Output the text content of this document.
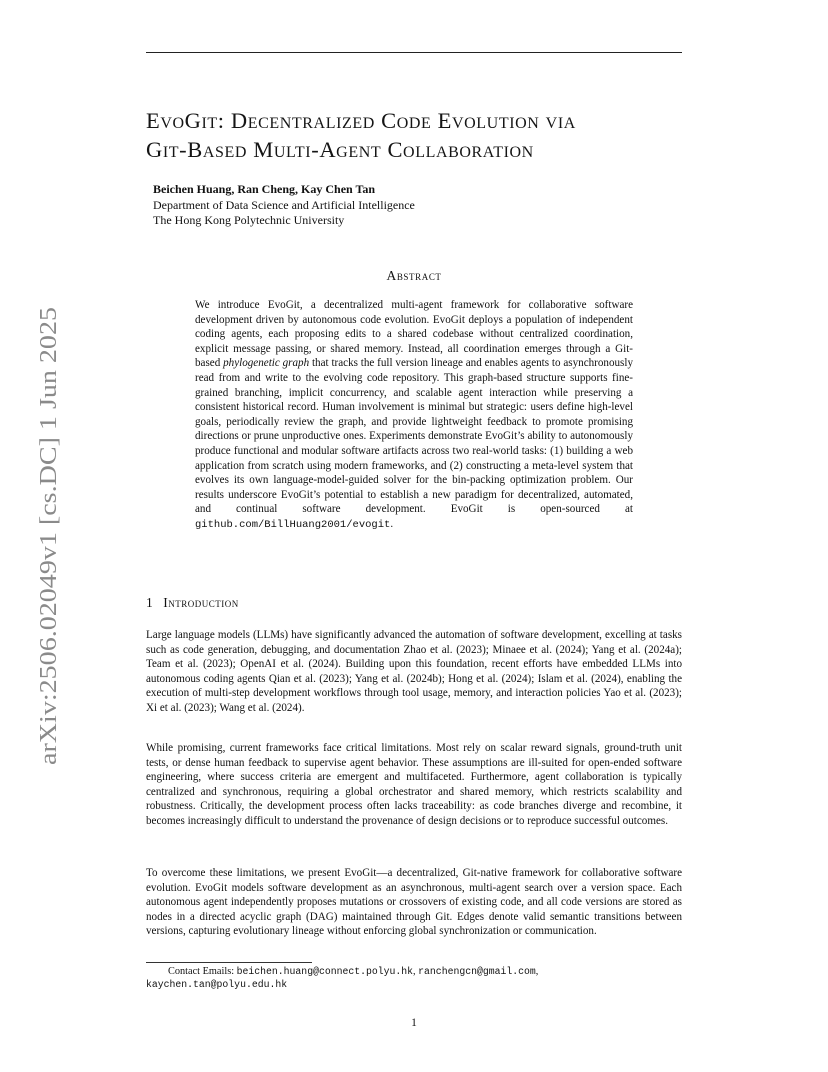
EvoGit: Decentralized Code Evolution via
Git-Based Multi-Agent Collaboration
Beichen Huang, Ran Cheng, Kay Chen Tan
Department of Data Science and Artificial Intelligence
The Hong Kong Polytechnic University
Abstract
We introduce EvoGit, a decentralized multi-agent framework for collaborative software development driven by autonomous code evolution. EvoGit deploys a population of independent coding agents, each proposing edits to a shared codebase without centralized coordination, explicit message passing, or shared memory. Instead, all coordination emerges through a Git-based phylogenetic graph that tracks the full version lineage and enables agents to asynchronously read from and write to the evolving code repository. This graph-based structure supports fine-grained branching, implicit concurrency, and scalable agent interaction while preserving a consistent historical record. Human involvement is minimal but strategic: users define high-level goals, periodically review the graph, and provide lightweight feedback to promote promising directions or prune unproductive ones. Experiments demonstrate EvoGit’s ability to autonomously produce functional and modular software artifacts across two real-world tasks: (1) building a web application from scratch using modern frameworks, and (2) constructing a meta-level system that evolves its own language-model-guided solver for the bin-packing optimization problem. Our results underscore EvoGit’s potential to establish a new paradigm for decentralized, automated, and continual software development. EvoGit is open-sourced at github.com/BillHuang2001/evogit.
1 Introduction
Large language models (LLMs) have significantly advanced the automation of software development, excelling at tasks such as code generation, debugging, and documentation Zhao et al. (2023); Minaee et al. (2024); Yang et al. (2024a); Team et al. (2023); OpenAI et al. (2024). Building upon this foundation, recent efforts have embedded LLMs into autonomous coding agents Qian et al. (2023); Yang et al. (2024b); Hong et al. (2024); Islam et al. (2024), enabling the execution of multi-step development workflows through tool usage, memory, and interaction policies Yao et al. (2023); Xi et al. (2023); Wang et al. (2024).
While promising, current frameworks face critical limitations. Most rely on scalar reward signals, ground-truth unit tests, or dense human feedback to supervise agent behavior. These assumptions are ill-suited for open-ended software engineering, where success criteria are emergent and multifaceted. Furthermore, agent collaboration is typically centralized and synchronous, requiring a global orchestrator and shared memory, which restricts scalability and robustness. Critically, the development process often lacks traceability: as code branches diverge and recombine, it becomes increasingly difficult to understand the provenance of design decisions or to reproduce successful outcomes.
To overcome these limitations, we present EvoGit—a decentralized, Git-native framework for collaborative software evolution. EvoGit models software development as an asynchronous, multi-agent search over a version space. Each autonomous agent independently proposes mutations or crossovers of existing code, and all code versions are stored as nodes in a directed acyclic graph (DAG) maintained through Git. Edges denote valid semantic transitions between versions, capturing evolutionary lineage without enforcing global synchronization or communication.
Contact Emails: beichen.huang@connect.polyu.hk, ranchengcn@gmail.com,
kaychen.tan@polyu.edu.hk
1
arXiv:2506.02049v1 [cs.DC] 1 Jun 2025
